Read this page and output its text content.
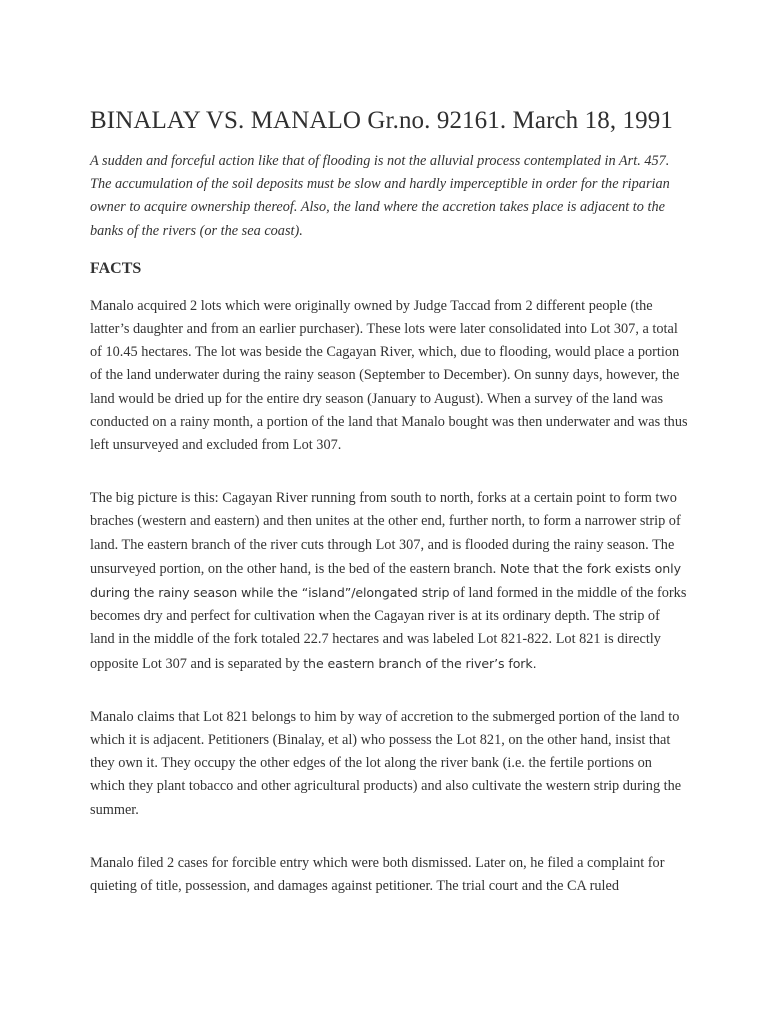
BINALAY VS. MANALO Gr.no. 92161. March 18, 1991

A sudden and forceful action like that of flooding is not the alluvial process contemplated in Art. 457. The accumulation of the soil deposits must be slow and hardly imperceptible in order for the riparian owner to acquire ownership thereof. Also, the land where the accretion takes place is adjacent to the banks of the rivers (or the sea coast).

FACTS

Manalo acquired 2 lots which were originally owned by Judge Taccad from 2 different people (the latter’s daughter and from an earlier purchaser). These lots were later consolidated into Lot 307, a total of 10.45 hectares. The lot was beside the Cagayan River, which, due to flooding, would place a portion of the land underwater during the rainy season (September to December). On sunny days, however, the land would be dried up for the entire dry season (January to August). When a survey of the land was conducted on a rainy month, a portion of the land that Manalo bought was then underwater and was thus left unsurveyed and excluded from Lot 307.

The big picture is this: Cagayan River running from south to north, forks at a certain point to form two braches (western and eastern) and then unites at the other end, further north, to form a narrower strip of land. The eastern branch of the river cuts through Lot 307, and is flooded during the rainy season. The unsurveyed portion, on the other hand, is the bed of the eastern branch. Note that the fork exists only during the rainy season while the “island”/elongated strip of land formed in the middle of the forks becomes dry and perfect for cultivation when the Cagayan river is at its ordinary depth. The strip of land in the middle of the fork totaled 22.7 hectares and was labeled Lot 821-822. Lot 821 is directly opposite Lot 307 and is separated by the eastern branch of the river’s fork.

Manalo claims that Lot 821 belongs to him by way of accretion to the submerged portion of the land to which it is adjacent. Petitioners (Binalay, et al) who possess the Lot 821, on the other hand, insist that they own it. They occupy the other edges of the lot along the river bank (i.e. the fertile portions on which they plant tobacco and other agricultural products) and also cultivate the western strip during the summer.

Manalo filed 2 cases for forcible entry which were both dismissed. Later on, he filed a complaint for quieting of title, possession, and damages against petitioner. The trial court and the CA ruled
